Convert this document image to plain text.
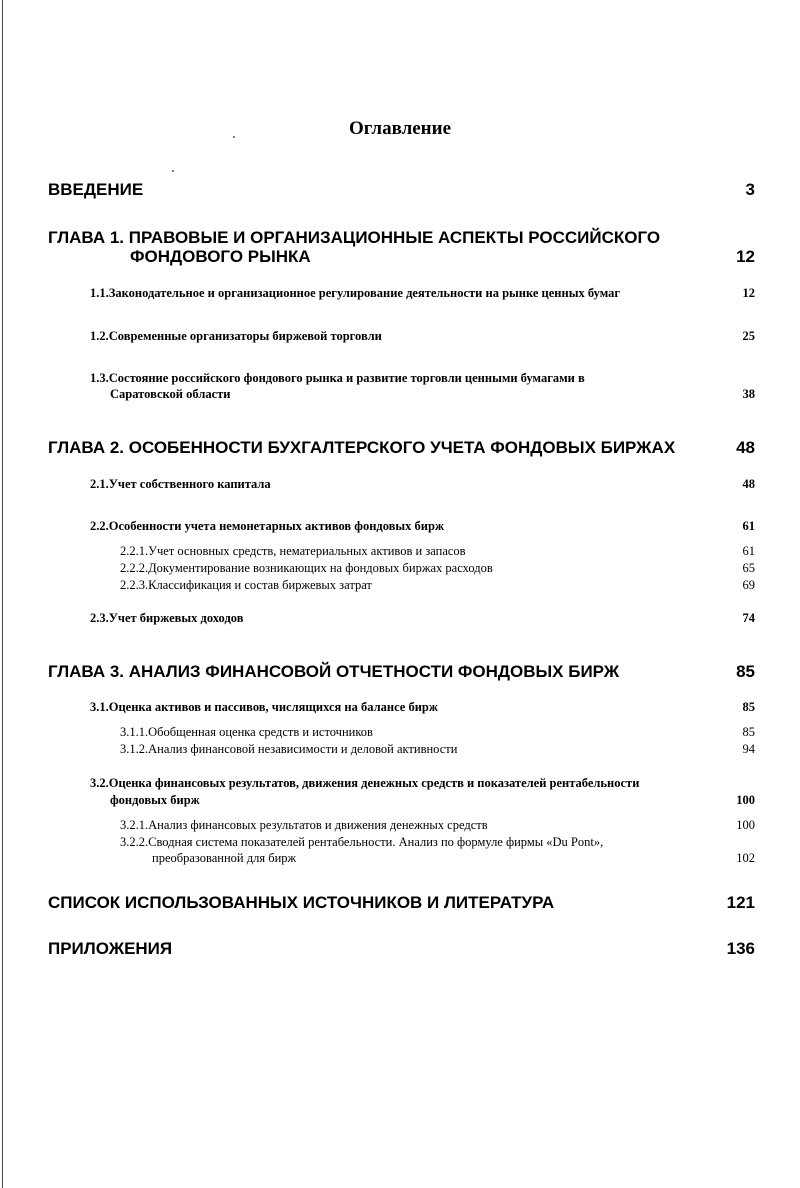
Оглавление
ВВЕДЕНИЕ	3
ГЛАВА 1. ПРАВОВЫЕ И ОРГАНИЗАЦИОННЫЕ АСПЕКТЫ РОССИЙСКОГО
ФОНДОВОГО РЫНКА	12
1.1.Законодательное и организационное регулирование деятельности на рынке ценных бумаг	12
1.2.Современные организаторы биржевой торговли	25
1.3.Состояние российского фондового рынка и развитие торговли ценными бумагами в
Саратовской области	38
ГЛАВА 2. ОСОБЕННОСТИ БУХГАЛТЕРСКОГО УЧЕТА ФОНДОВЫХ БИРЖАХ	48
2.1.Учет собственного капитала	48
2.2.Особенности учета немонетарных активов фондовых бирж	61
2.2.1.Учет основных средств, нематериальных активов и запасов	61
2.2.2.Документирование возникающих на фондовых биржах расходов	65
2.2.3.Классификация и состав биржевых затрат	69
2.3.Учет биржевых доходов	74
ГЛАВА 3. АНАЛИЗ ФИНАНСОВОЙ ОТЧЕТНОСТИ ФОНДОВЫХ БИРЖ	85
3.1.Оценка активов и пассивов, числящихся на балансе бирж	85
3.1.1.Обобщенная оценка средств и источников	85
3.1.2.Анализ финансовой независимости и деловой активности	94
3.2.Оценка финансовых результатов, движения денежных средств и показателей рентабельности
фондовых бирж	100
3.2.1.Анализ финансовых результатов и движения денежных средств	100
3.2.2.Сводная система показателей рентабельности. Анализ по формуле фирмы «Du Pont»,
преобразованной для бирж	102
СПИСОК ИСПОЛЬЗОВАННЫХ ИСТОЧНИКОВ И ЛИТЕРАТУРА	121
ПРИЛОЖЕНИЯ	136
